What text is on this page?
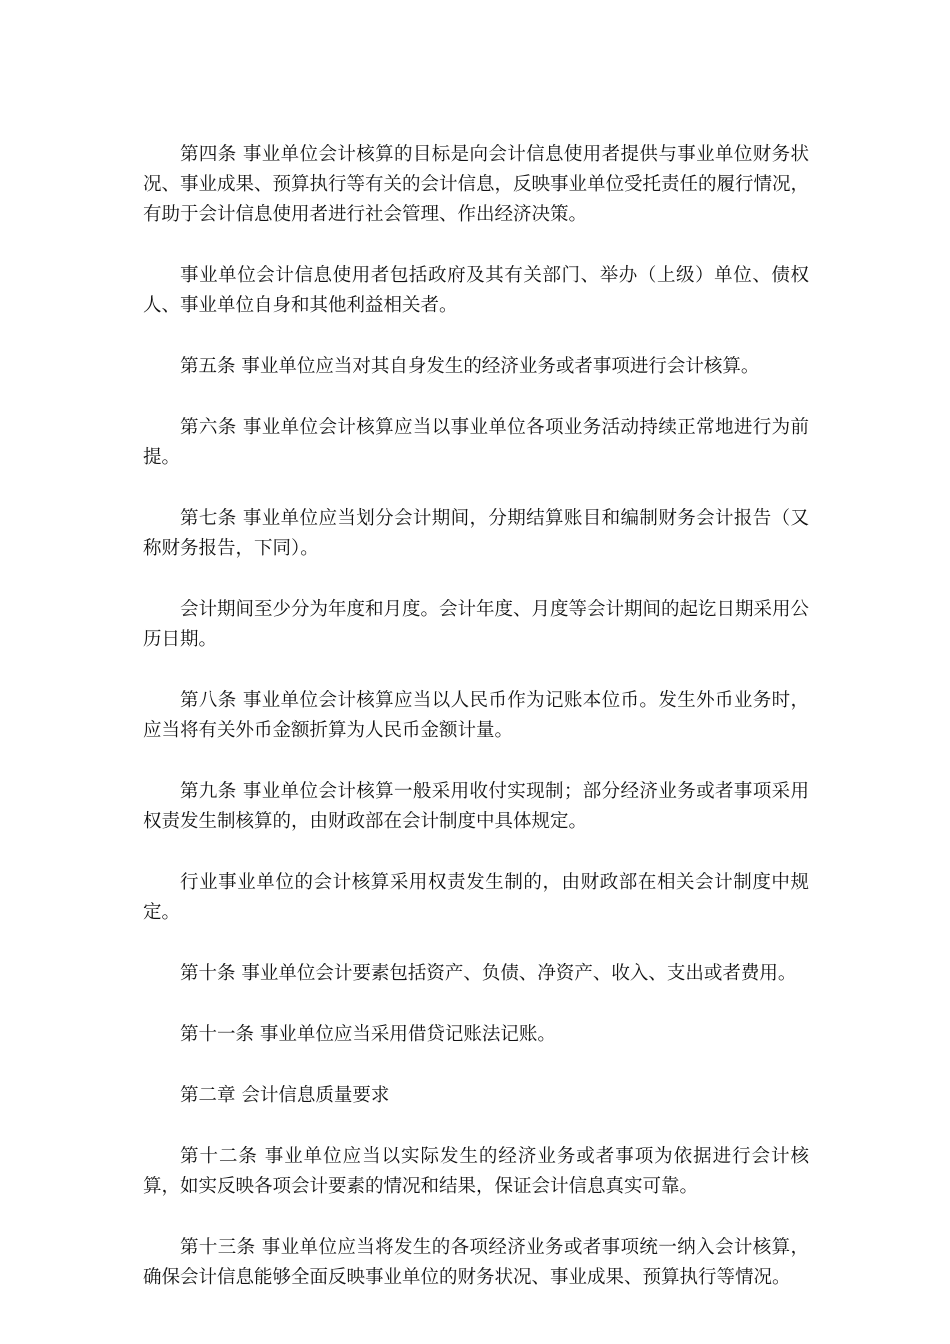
第四条 事业单位会计核算的目标是向会计信息使用者提供与事业单位财务状况、事业成果、预算执行等有关的会计信息，反映事业单位受托责任的履行情况，有助于会计信息使用者进行社会管理、作出经济决策。

事业单位会计信息使用者包括政府及其有关部门、举办（上级）单位、债权人、事业单位自身和其他利益相关者。

第五条 事业单位应当对其自身发生的经济业务或者事项进行会计核算。

第六条 事业单位会计核算应当以事业单位各项业务活动持续正常地进行为前提。

第七条 事业单位应当划分会计期间，分期结算账目和编制财务会计报告（又称财务报告，下同）。

会计期间至少分为年度和月度。会计年度、月度等会计期间的起讫日期采用公历日期。

第八条 事业单位会计核算应当以人民币作为记账本位币。发生外币业务时，应当将有关外币金额折算为人民币金额计量。

第九条 事业单位会计核算一般采用收付实现制；部分经济业务或者事项采用权责发生制核算的，由财政部在会计制度中具体规定。

行业事业单位的会计核算采用权责发生制的，由财政部在相关会计制度中规定。

第十条 事业单位会计要素包括资产、负债、净资产、收入、支出或者费用。

第十一条 事业单位应当采用借贷记账法记账。

第二章 会计信息质量要求

第十二条 事业单位应当以实际发生的经济业务或者事项为依据进行会计核算，如实反映各项会计要素的情况和结果，保证会计信息真实可靠。

第十三条 事业单位应当将发生的各项经济业务或者事项统一纳入会计核算，确保会计信息能够全面反映事业单位的财务状况、事业成果、预算执行等情况。
